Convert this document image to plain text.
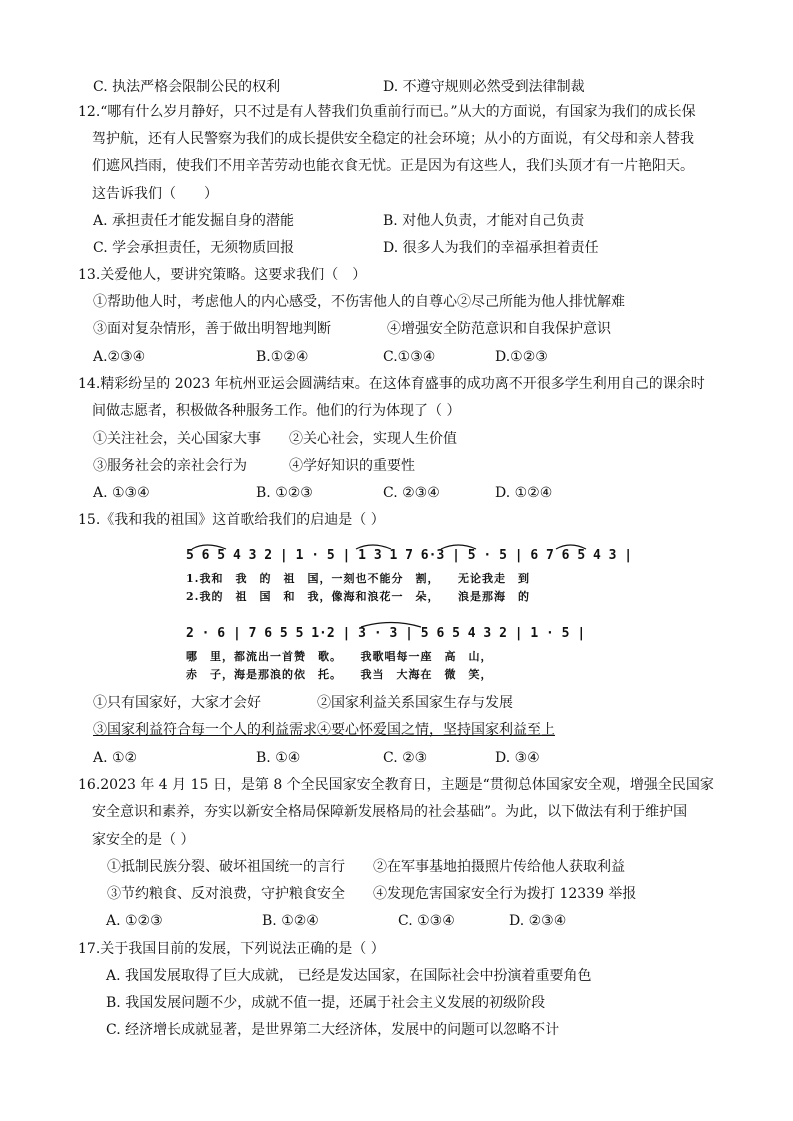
C. 执法严格会限制公民的权利	D. 不遵守规则必然受到法律制裁
12.“哪有什么岁月静好，只不过是有人替我们负重前行而已。”从大的方面说，有国家为我们的成长保
驾护航，还有人民警察为我们的成长提供安全稳定的社会环境；从小的方面说，有父母和亲人替我
们遮风挡雨，使我们不用辛苦劳动也能衣食无忧。正是因为有这些人，我们头顶才有一片艳阳天。
这告诉我们（　　）
A. 承担责任才能发掘自身的潜能	B. 对他人负责，才能对自己负责
C. 学会承担责任，无须物质回报	D. 很多人为我们的幸福承担着责任
13.关爱他人，要讲究策略。这要求我们（　）
①帮助他人时，考虑他人的内心感受，不伤害他人的自尊心②尽己所能为他人排忧解难
③面对复杂情形，善于做出明智地判断　　　　④增强安全防范意识和自我保护意识
A.②③④	B.①②④	C.①③④	D.①②③
14.精彩纷呈的 2023 年杭州亚运会圆满结束。在这体育盛事的成功离不开很多学生利用自己的课余时
间做志愿者，积极做各种服务工作。他们的行为体现了（ ）
①关注社会，关心国家大事　　②关心社会，实现人生价值
③服务社会的亲社会行为　　　④学好知识的重要性
A. ①③④	B. ①②③	C. ②③④	D. ①②④
15.《我和我的祖国》这首歌给我们的启迪是（ ）
5 6 5 4 3 2 | 1 · 5 | 1 3 1 7 6·3 | 5 · 5 | 6 7 6 5 4 3 |
1.我和　我　的　祖　国，一刻也不能分　割，　　无论我走　到
2.我的　祖　国　和　我，像海和浪花一　朵，　　浪是那海　的
2 · 6 | 7 6 5 5 1·2 | 3 · 3 | 5 6 5 4 3 2 | 1 · 5 |
哪　里，都流出一首赞　歌。　　我歌唱每一座　高　山，
赤　子，海是那浪的依　托。　　我当　大海在　微　笑，
①只有国家好，大家才会好　　　　②国家利益关系国家生存与发展
③国家利益符合每一个人的利益需求④要心怀爱国之情，坚持国家利益至上
A. ①②	B. ①④	C. ②③	D. ③④
16.2023 年 4 月 15 日，是第 8 个全民国家安全教育日，主题是“贯彻总体国家安全观，增强全民国家
安全意识和素养，夯实以新安全格局保障新发展格局的社会基础”。为此，以下做法有利于维护国
家安全的是（ ）
①抵制民族分裂、破坏祖国统一的言行　　②在军事基地拍摄照片传给他人获取利益
③节约粮食、反对浪费，守护粮食安全　　④发现危害国家安全行为拨打 12339 举报
A. ①②③	B. ①②④	C. ①③④	D. ②③④
17.关于我国目前的发展，下列说法正确的是（ ）
A. 我国发展取得了巨大成就， 已经是发达国家，在国际社会中扮演着重要角色
B. 我国发展问题不少，成就不值一提，还属于社会主义发展的初级阶段
C. 经济增长成就显著，是世界第二大经济体，发展中的问题可以忽略不计
